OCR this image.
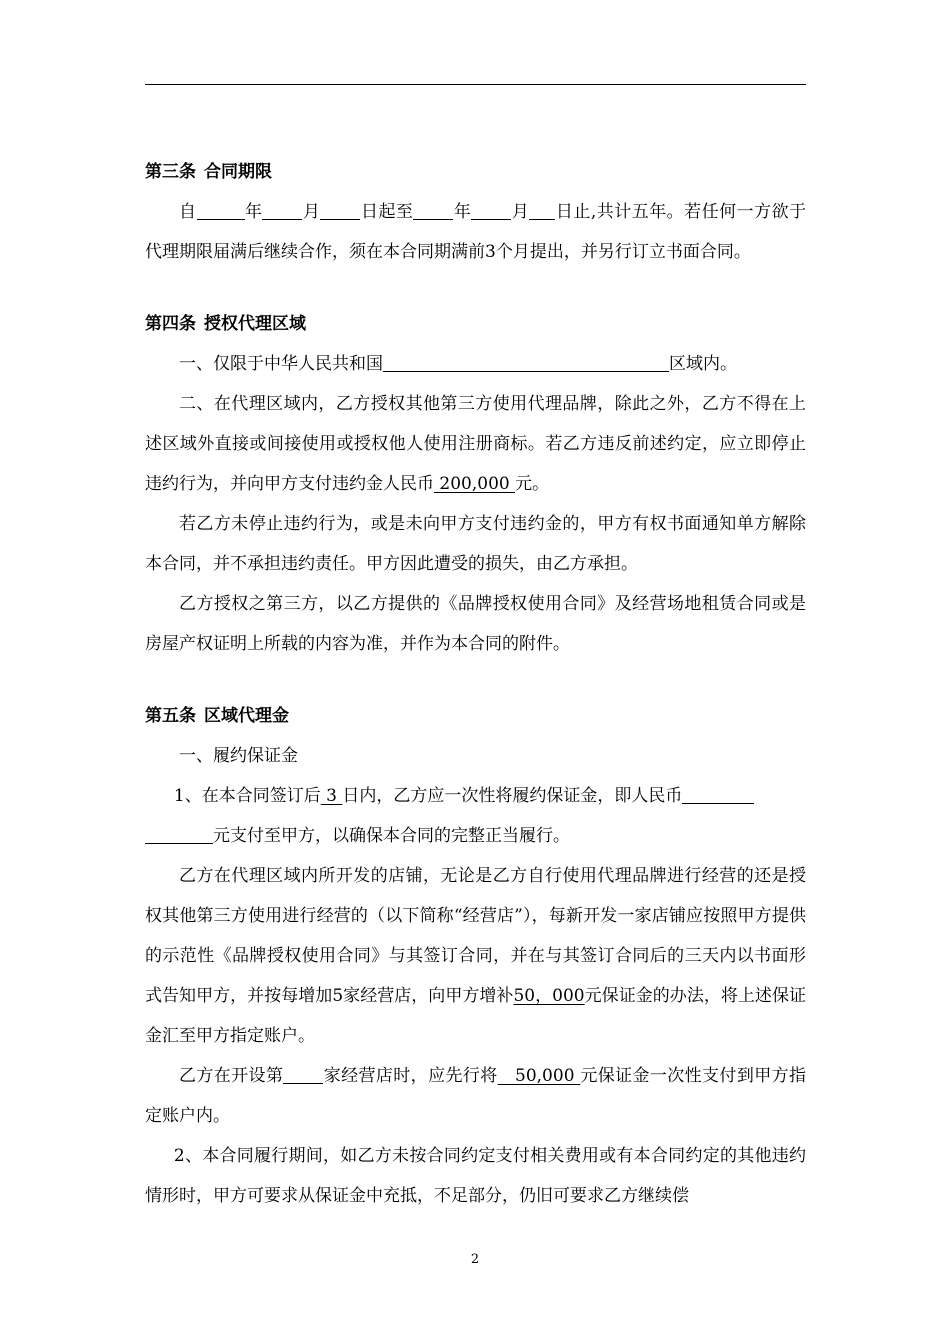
第三条 合同期限

自	年 月 日起至 年 月 日止,共计五年。若任何一方欲于代理期限届满后继续合作，须在本合同期满前3个月提出，并另行订立书面合同。

第四条 授权代理区域

一、仅限于中华人民共和国	区域内。

二、在代理区域内，乙方授权其他第三方使用代理品牌，除此之外，乙方不得在上述区域外直接或间接使用或授权他人使用注册商标。若乙方违反前述约定，应立即停止违约行为，并向甲方支付违约金人民币 200,000 元。

若乙方未停止违约行为，或是未向甲方支付违约金的，甲方有权书面通知单方解除本合同，并不承担违约责任。甲方因此遭受的损失，由乙方承担。

乙方授权之第三方，以乙方提供的《品牌授权使用合同》及经营场地租赁合同或是房屋产权证明上所载的内容为准，并作为本合同的附件。

第五条 区域代理金

一、履约保证金

1、在本合同签订后 3 日内，乙方应一次性将履约保证金，即人民币
元支付至甲方，以确保本合同的完整正当履行。

乙方在代理区域内所开发的店铺，无论是乙方自行使用代理品牌进行经营的还是授权其他第三方使用进行经营的（以下简称“经营店”），每新开发一家店铺应按照甲方提供的示范性《品牌授权使用合同》与其签订合同，并在与其签订合同后的三天内以书面形式告知甲方，并按每增加5家经营店，向甲方增补50，000元保证金的办法，将上述保证金汇至甲方指定账户。

乙方在开设第 家经营店时，应先行将   50,000 元保证金一次性支付到甲方指定账户内。

2、本合同履行期间，如乙方未按合同约定支付相关费用或有本合同约定的其他违约情形时，甲方可要求从保证金中充抵，不足部分，仍旧可要求乙方继续偿

2
